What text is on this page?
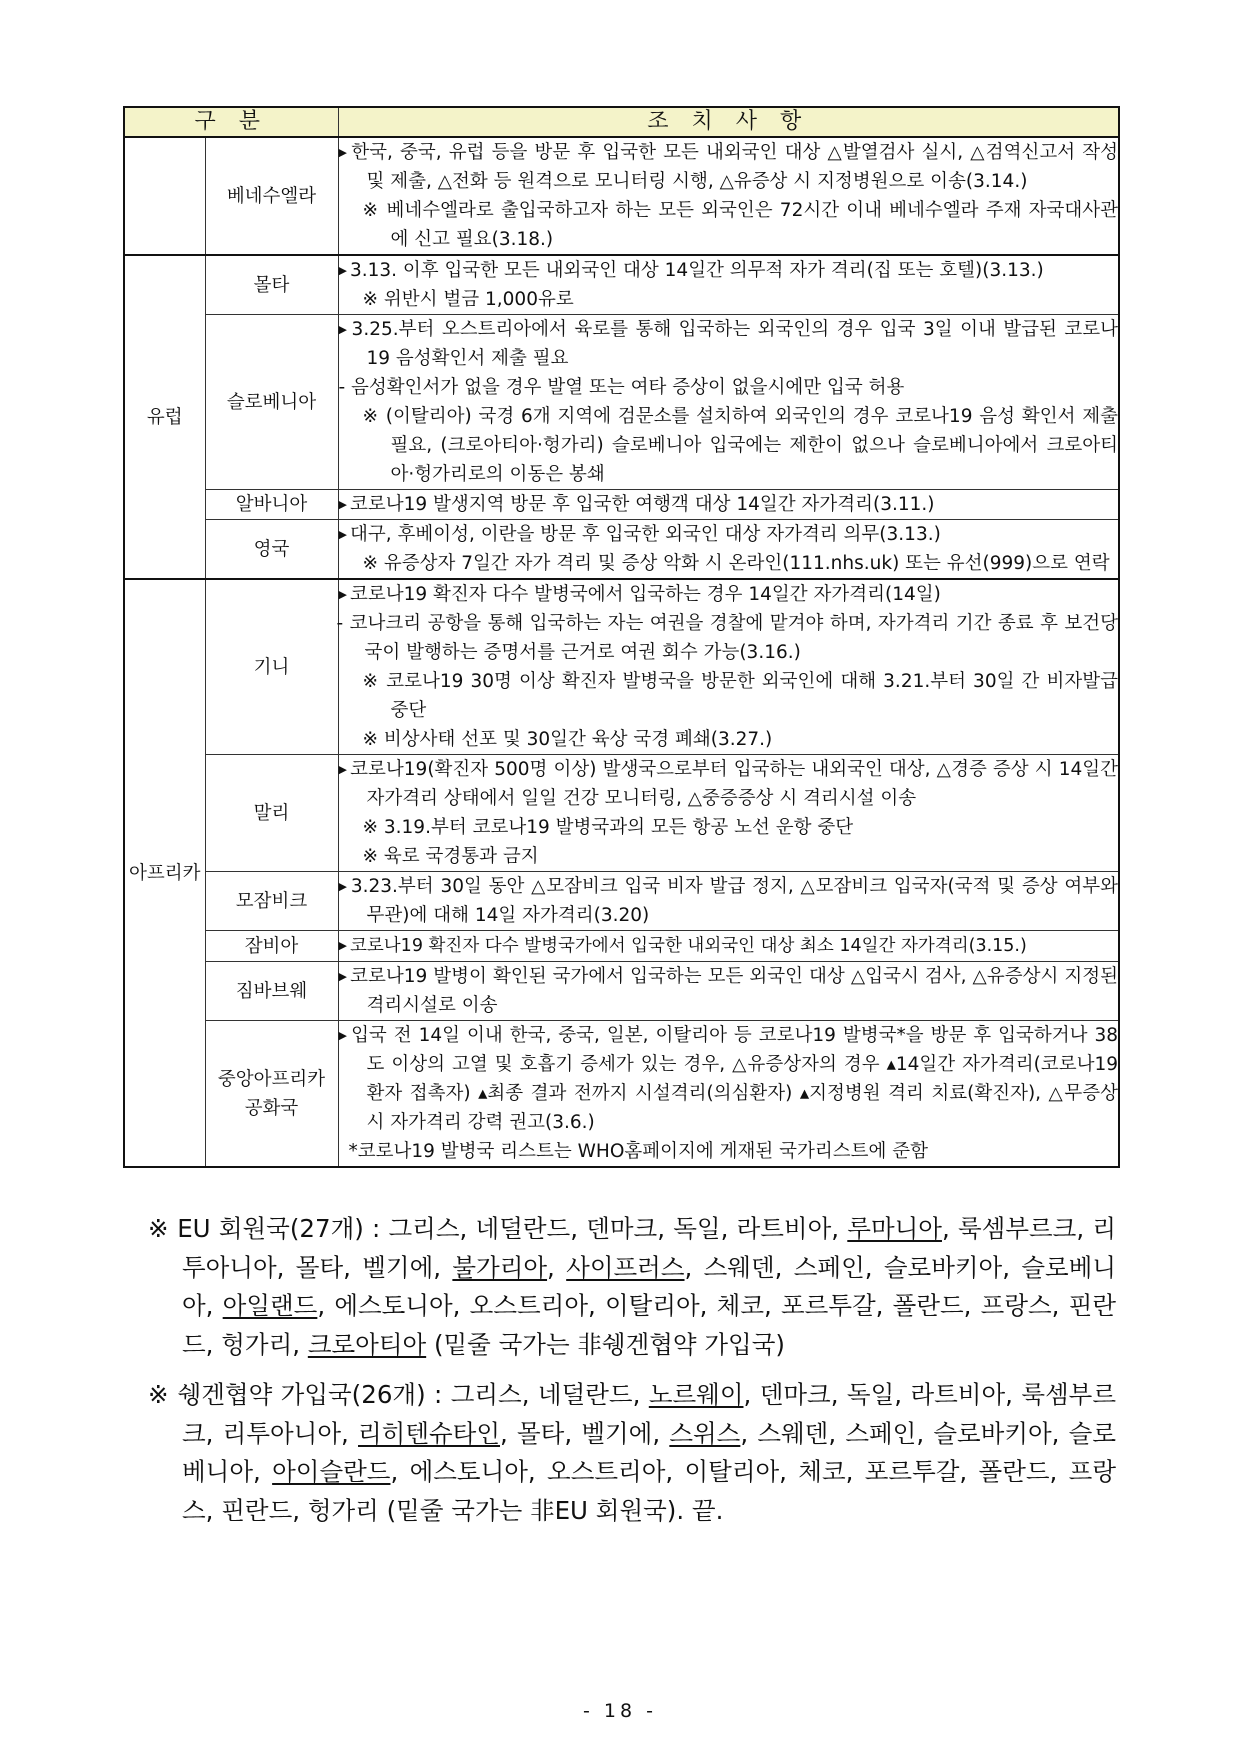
구 분		조 치 사 항
	베네수엘라	▶ 한국, 중국, 유럽 등을 방문 후 입국한 모든 내외국인 대상 △발열검사 실시, △검역신고서 작성 및 제출, △전화 등 원격으로 모니터링 시행, △유증상 시 지정병원으로 이송(3.14.)
※ 베네수엘라로 출입국하고자 하는 모든 외국인은 72시간 이내 베네수엘라 주재 자국대사관에 신고 필요(3.18.)

유럽	몰타	▶ 3.13. 이후 입국한 모든 내외국인 대상 14일간 의무적 자가 격리(집 또는 호텔)(3.13.)
※ 위반시 벌금 1,000유로

	슬로베니아	▶ 3.25.부터 오스트리아에서 육로를 통해 입국하는 외국인의 경우 입국 3일 이내 발급된 코로나19 음성확인서 제출 필요
- 음성확인서가 없을 경우 발열 또는 여타 증상이 없을시에만 입국 허용
※ (이탈리아) 국경 6개 지역에 검문소를 설치하여 외국인의 경우 코로나19 음성 확인서 제출 필요, (크로아티아·헝가리) 슬로베니아 입국에는 제한이 없으나 슬로베니아에서 크로아티아·헝가리로의 이동은 봉쇄

	알바니아	▶ 코로나19 발생지역 방문 후 입국한 여행객 대상 14일간 자가격리(3.11.)

	영국	▶ 대구, 후베이성, 이란을 방문 후 입국한 외국인 대상 자가격리 의무(3.13.)
※ 유증상자 7일간 자가 격리 및 증상 악화 시 온라인(111.nhs.uk) 또는 유선(999)으로 연락

아프리카	기니	▶ 코로나19 확진자 다수 발병국에서 입국하는 경우 14일간 자가격리(14일)
- 코나크리 공항을 통해 입국하는 자는 여권을 경찰에 맡겨야 하며, 자가격리 기간 종료 후 보건당국이 발행하는 증명서를 근거로 여권 회수 가능(3.16.)
※ 코로나19 30명 이상 확진자 발병국을 방문한 외국인에 대해 3.21.부터 30일 간 비자발급 중단
※ 비상사태 선포 및 30일간 육상 국경 폐쇄(3.27.)

	말리	▶ 코로나19(확진자 500명 이상) 발생국으로부터 입국하는 내외국인 대상, △경증 증상 시 14일간 자가격리 상태에서 일일 건강 모니터링, △중증증상 시 격리시설 이송
※ 3.19.부터 코로나19 발병국과의 모든 항공 노선 운항 중단
※ 육로 국경통과 금지

	모잠비크	▶ 3.23.부터 30일 동안 △모잠비크 입국 비자 발급 정지, △모잠비크 입국자(국적 및 증상 여부와 무관)에 대해 14일 자가격리(3.20)

	잠비아	▶ 코로나19 확진자 다수 발병국가에서 입국한 내외국인 대상 최소 14일간 자가격리(3.15.)

	짐바브웨	▶ 코로나19 발병이 확인된 국가에서 입국하는 모든 외국인 대상 △입국시 검사, △유증상시 지정된 격리시설로 이송

	중앙아프리카
공화국	▶ 입국 전 14일 이내 한국, 중국, 일본, 이탈리아 등 코로나19 발병국*을 방문 후 입국하거나 38도 이상의 고열 및 호흡기 증세가 있는 경우, △유증상자의 경우 ▴14일간 자가격리(코로나19 환자 접촉자) ▴최종 결과 전까지 시설격리(의심환자) ▴지정병원 격리 치료(확진자), △무증상시 자가격리 강력 권고(3.6.)
*코로나19 발병국 리스트는 WHO홈페이지에 게재된 국가리스트에 준함
※ EU 회원국(27개) : 그리스, 네덜란드, 덴마크, 독일, 라트비아, 루마니아, 룩셈부르크, 리투아니아, 몰타, 벨기에, 불가리아, 사이프러스, 스웨덴, 스페인, 슬로바키아, 슬로베니아, 아일랜드, 에스토니아, 오스트리아, 이탈리아, 체코, 포르투갈, 폴란드, 프랑스, 핀란드, 헝가리, 크로아티아 (밑줄 국가는 非쉥겐협약 가입국)
※ 쉥겐협약 가입국(26개) : 그리스, 네덜란드, 노르웨이, 덴마크, 독일, 라트비아, 룩셈부르크, 리투아니아, 리히텐슈타인, 몰타, 벨기에, 스위스, 스웨덴, 스페인, 슬로바키아, 슬로베니아, 아이슬란드, 에스토니아, 오스트리아, 이탈리아, 체코, 포르투갈, 폴란드, 프랑스, 핀란드, 헝가리 (밑줄 국가는 非EU 회원국). 끝.
- 18 -
